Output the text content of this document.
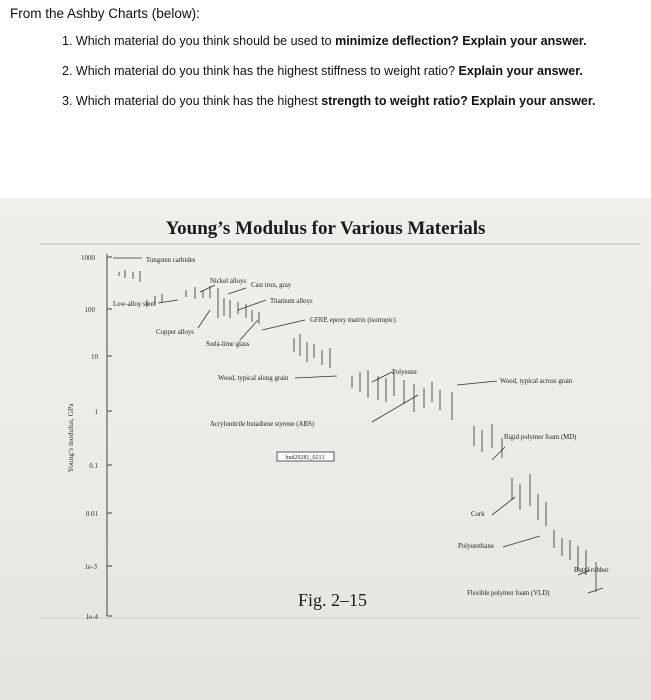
From the Ashby Charts (below):
1. Which material do you think should be used to minimize deflection? Explain your answer.
2. Which material do you think has the highest stiffness to weight ratio? Explain your answer.
3. Which material do you think has the highest strength to weight ratio? Explain your answer.
Young’s Modulus for Various Materials
Fig. 2–15
1000
100
10
1
0.1
0.01
1e-3
1e-4
Young’s modulus, GPa
Tungsten carbides
Nickel alloys
Cast iron, gray
Low-alloy steel	Titanium alloys
GFRP, epoxy matrix (isotropic)
Copper alloys
Soda-lime glass
Polyester
Wood, typical along grain	Wood, typical across grain
Acrylonitrile butadiene styrene (ABS)
Rigid polymer foam (MD)
Cork
Polyurethane
Butyl rubber
Flexible polymer foam (VLD)
bud29281_0213
